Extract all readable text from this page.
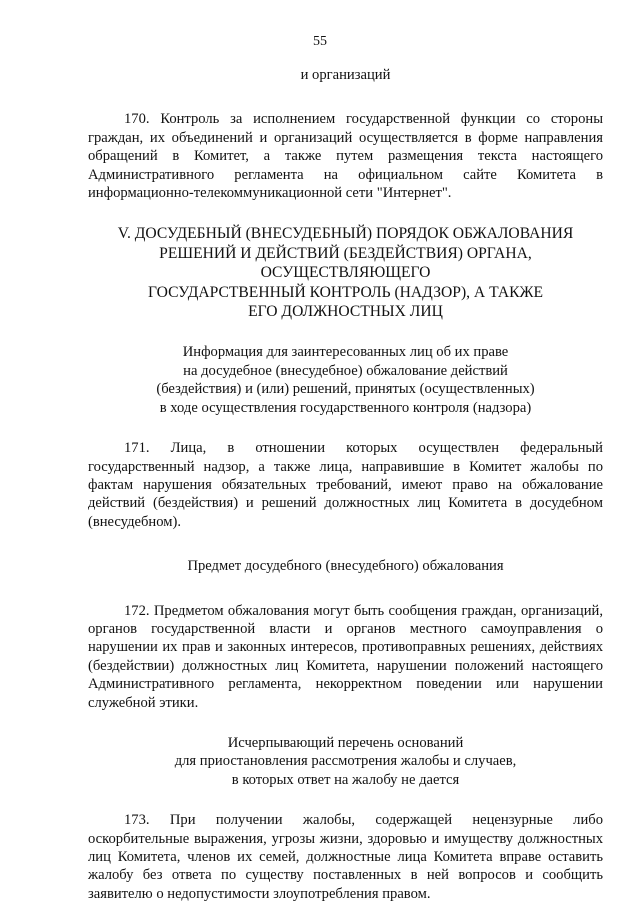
55

и организаций

170. Контроль за исполнением государственной функции со стороны граждан, их объединений и организаций осуществляется в форме направления обращений в Комитет, а также путем размещения текста настоящего Административного регламента на официальном сайте Комитета в информационно-телекоммуникационной сети "Интернет".

V. ДОСУДЕБНЫЙ (ВНЕСУДЕБНЫЙ) ПОРЯДОК ОБЖАЛОВАНИЯ
РЕШЕНИЙ И ДЕЙСТВИЙ (БЕЗДЕЙСТВИЯ) ОРГАНА,
ОСУЩЕСТВЛЯЮЩЕГО
ГОСУДАРСТВЕННЫЙ КОНТРОЛЬ (НАДЗОР), А ТАКЖЕ
ЕГО ДОЛЖНОСТНЫХ ЛИЦ
Информация для заинтересованных лиц об их праве
на досудебное (внесудебное) обжалование действий
(бездействия) и (или) решений, принятых (осуществленных)
в ходе осуществления государственного контроля (надзора)

171. Лица, в отношении которых осуществлен федеральный государственный надзор, а также лица, направившие в Комитет жалобы по фактам нарушения обязательных требований, имеют право на обжалование действий (бездействия) и решений должностных лиц Комитета в досудебном (внесудебном).

Предмет досудебного (внесудебного) обжалования

172. Предметом обжалования могут быть сообщения граждан, организаций, органов государственной власти и органов местного самоуправления о нарушении их прав и законных интересов, противоправных решениях, действиях (бездействии) должностных лиц Комитета, нарушении положений настоящего Административного регламента, некорректном поведении или нарушении служебной этики.

Исчерпывающий перечень оснований
для приостановления рассмотрения жалобы и случаев,
в которых ответ на жалобу не дается

173. При получении жалобы, содержащей нецензурные либо оскорбительные выражения, угрозы жизни, здоровью и имуществу должностных лиц Комитета, членов их семей, должностные лица Комитета вправе оставить жалобу без ответа по существу поставленных в ней вопросов и сообщить заявителю о недопустимости злоупотребления правом.
